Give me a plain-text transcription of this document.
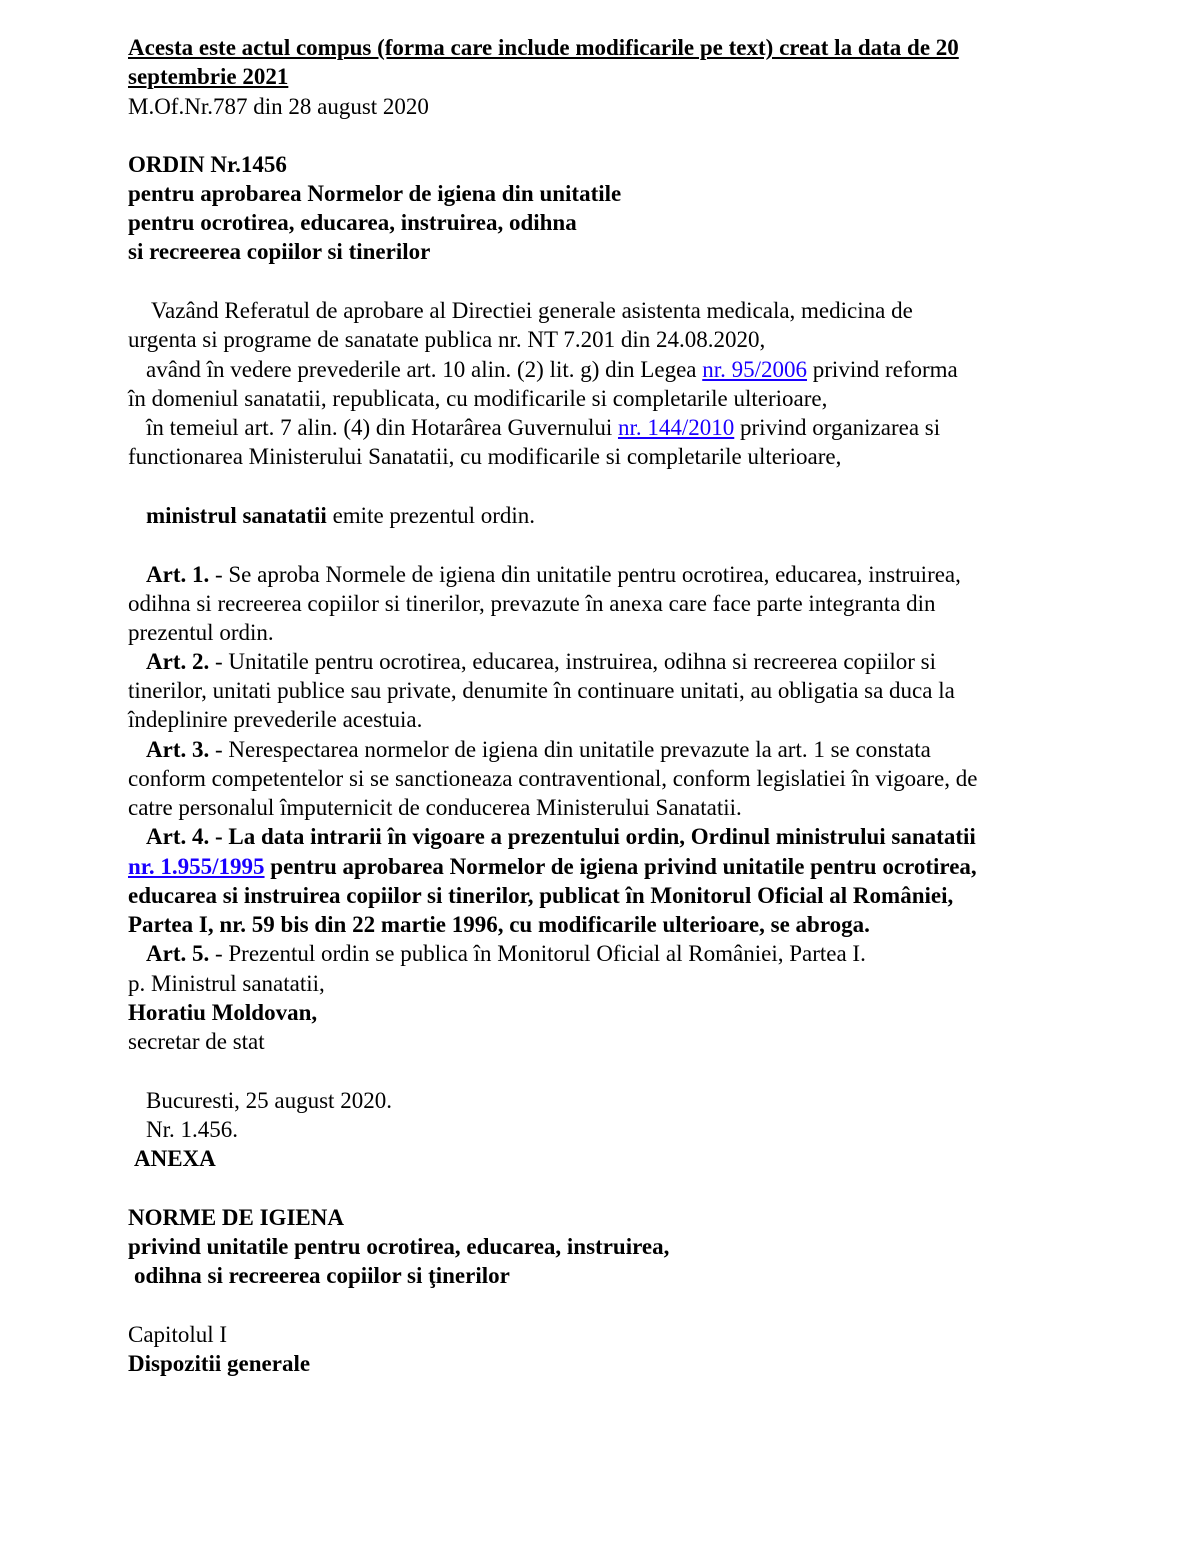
Acesta este actul compus (forma care include modificarile pe text) creat la data de 20
septembrie 2021
M.Of.Nr.787 din 28 august 2020
ORDIN Nr.1456
pentru aprobarea Normelor de igiena din unitatile
pentru ocrotirea, educarea, instruirea, odihna
si recreerea copiilor si tinerilor
Vazând Referatul de aprobare al Directiei generale asistenta medicala, medicina de
urgenta si programe de sanatate publica nr. NT 7.201 din 24.08.2020,
având în vedere prevederile art. 10 alin. (2) lit. g) din Legea nr. 95/2006 privind reforma
în domeniul sanatatii, republicata, cu modificarile si completarile ulterioare,
în temeiul art. 7 alin. (4) din Hotarârea Guvernului nr. 144/2010 privind organizarea si
functionarea Ministerului Sanatatii, cu modificarile si completarile ulterioare,
ministrul sanatatii emite prezentul ordin.
Art. 1. - Se aproba Normele de igiena din unitatile pentru ocrotirea, educarea, instruirea,
odihna si recreerea copiilor si tinerilor, prevazute în anexa care face parte integranta din
prezentul ordin.
Art. 2. - Unitatile pentru ocrotirea, educarea, instruirea, odihna si recreerea copiilor si
tinerilor, unitati publice sau private, denumite în continuare unitati, au obligatia sa duca la
îndeplinire prevederile acestuia.
Art. 3. - Nerespectarea normelor de igiena din unitatile prevazute la art. 1 se constata
conform competentelor si se sanctioneaza contraventional, conform legislatiei în vigoare, de
catre personalul împuternicit de conducerea Ministerului Sanatatii.
Art. 4. - La data intrarii în vigoare a prezentului ordin, Ordinul ministrului sanatatii
nr. 1.955/1995 pentru aprobarea Normelor de igiena privind unitatile pentru ocrotirea,
educarea si instruirea copiilor si tinerilor, publicat în Monitorul Oficial al României,
Partea I, nr. 59 bis din 22 martie 1996, cu modificarile ulterioare, se abroga.
Art. 5. - Prezentul ordin se publica în Monitorul Oficial al României, Partea I.
p. Ministrul sanatatii,
Horatiu Moldovan,
secretar de stat
Bucuresti, 25 august 2020.
Nr. 1.456.
ANEXA
NORME DE IGIENA
privind unitatile pentru ocrotirea, educarea, instruirea,
odihna si recreerea copiilor si ţinerilor
Capitolul I
Dispozitii generale
